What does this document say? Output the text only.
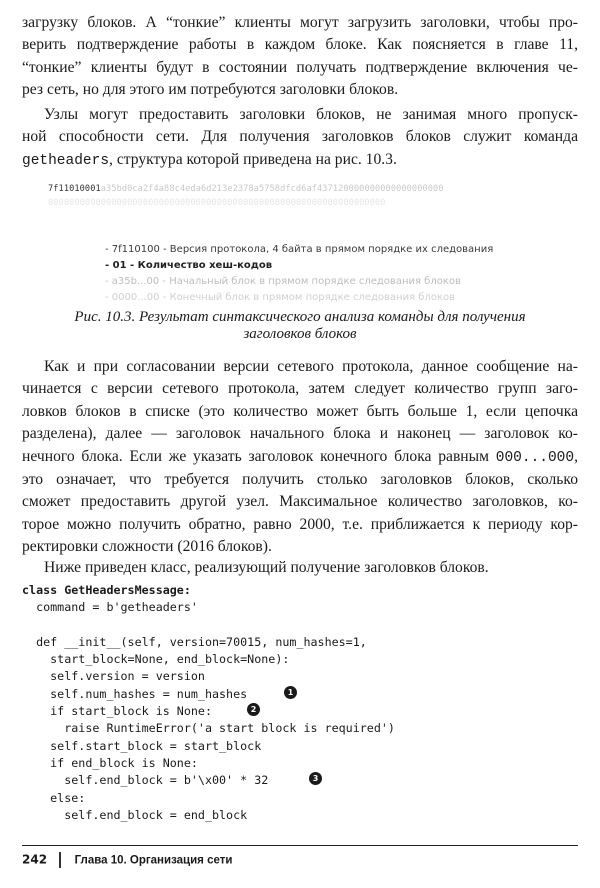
загрузку блоков. А “тонкие” клиенты могут загрузить заголовки, чтобы про-
верить подтверждение работы в каждом блоке. Как поясняется в главе 11,
“тонкие” клиенты будут в состоянии получать подтверждение включения че-
рез сеть, но для этого им потребуются заголовки блоков.
Узлы могут предоставить заголовки блоков, не занимая много пропуск-
ной способности сети. Для получения заголовков блоков служит команда
getheaders, структура которой приведена на рис. 10.3.
7f11010001a35bd0ca2f4a88c4eda6d213e2378a5758dfcd6af437120000000000000000000
0000000000000000000000000000000000000000000000000000000000000000
- 7f110100 - Версия протокола, 4 байта в прямом порядке их следования
- 01 - Количество хеш-кодов
- a35b...00 - Начальный блок в прямом порядке следования блоков
- 0000...00 - Конечный блок в прямом порядке следования блоков
Рис. 10.3. Результат синтаксического анализа команды для получения
заголовков блоков
Как и при согласовании версии сетевого протокола, данное сообщение на-
чинается с версии сетевого протокола, затем следует количество групп заго-
ловков блоков в списке (это количество может быть больше 1, если цепочка
разделена), далее — заголовок начального блока и наконец — заголовок ко-
нечного блока. Если же указать заголовок конечного блока равным 000...000,
это означает, что требуется получить столько заголовков блоков, сколько
сможет предоставить другой узел. Максимальное количество заголовков, ко-
торое можно получить обратно, равно 2000, т.е. приближается к периоду кор-
ректировки сложности (2016 блоков).
Ниже приведен класс, реализующий получение заголовков блоков.
class GetHeadersMessage:
command = b'getheaders'

def __init__(self, version=70015, num_hashes=1,
start_block=None, end_block=None):
self.version = version
self.num_hashes = num_hashes
if start_block is None:
raise RuntimeError('a start block is required')
self.start_block = start_block
if end_block is None:
self.end_block = b'\x00' * 32
else:
self.end_block = end_block
1
2
3
242 Глава 10. Организация сети
